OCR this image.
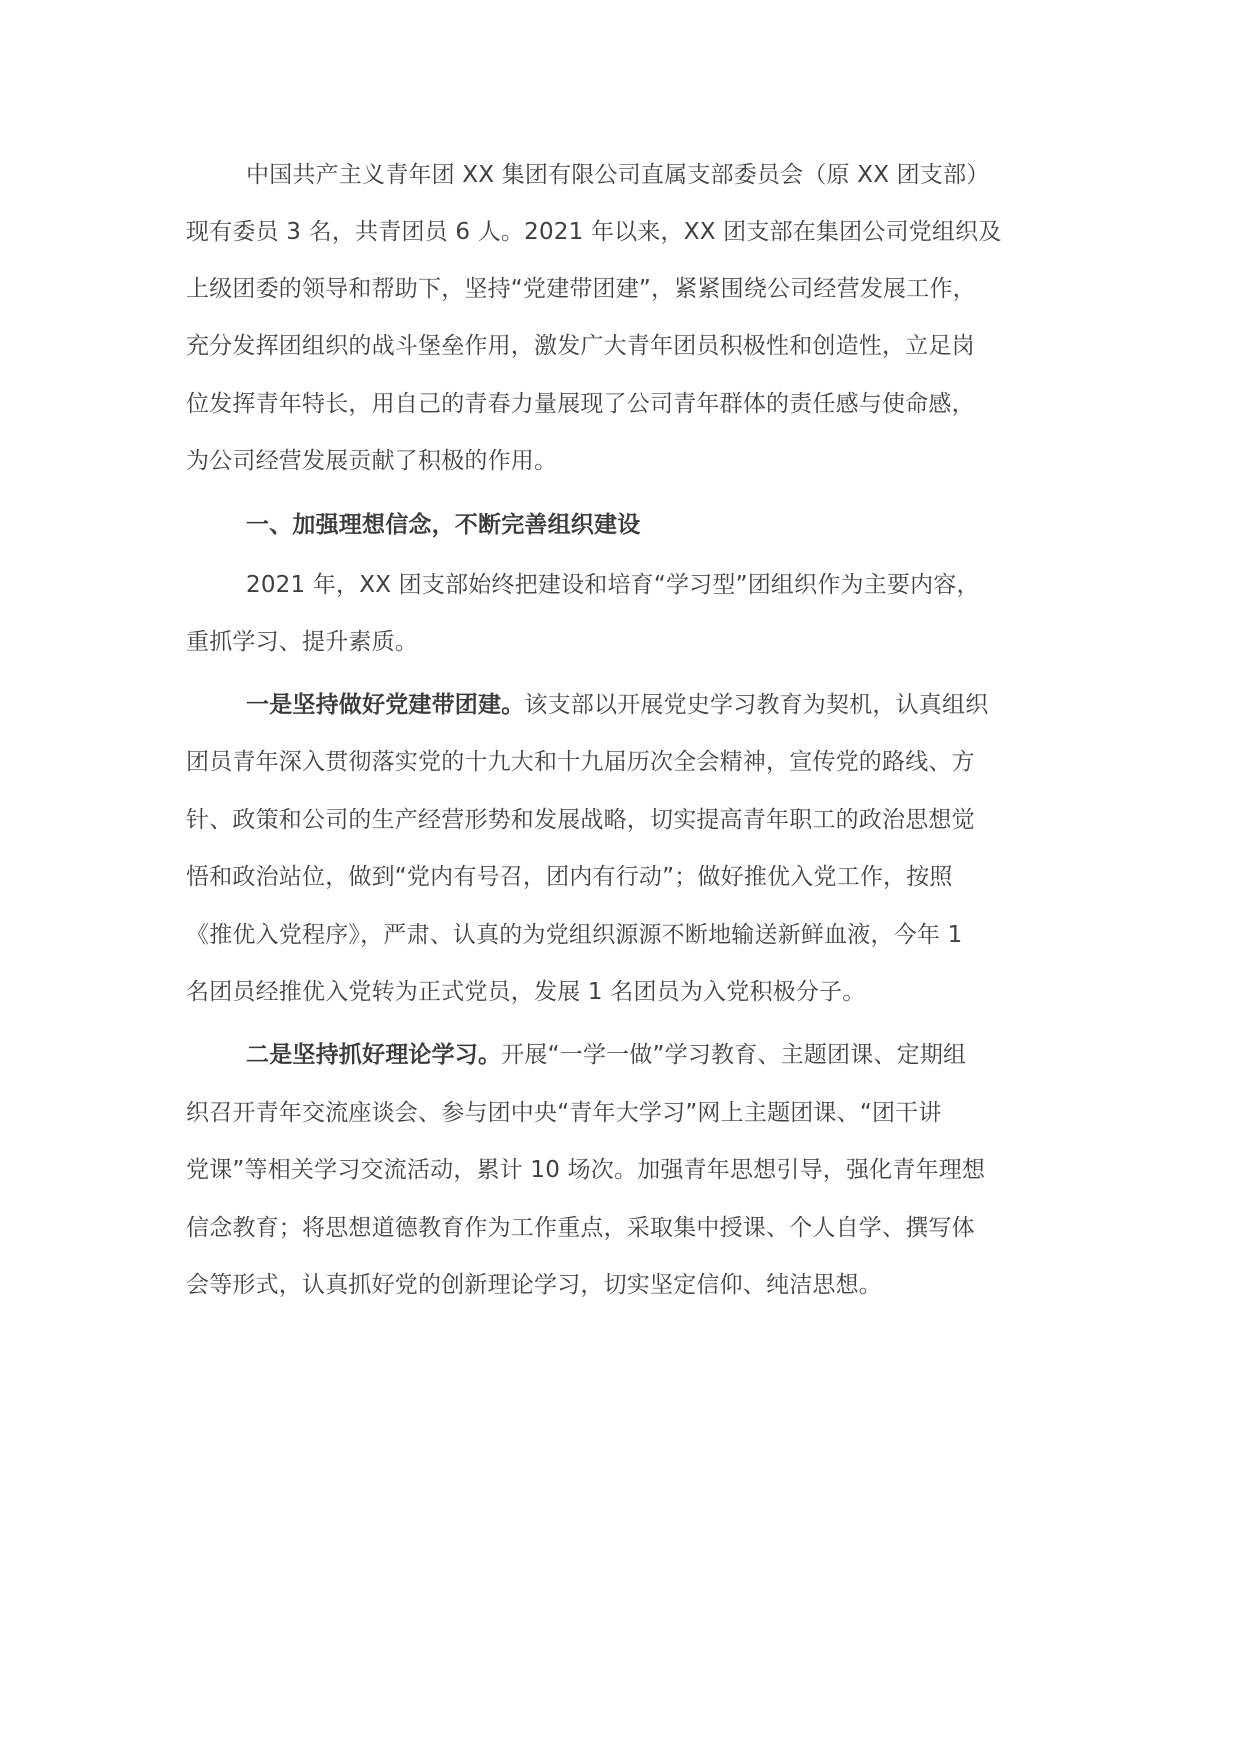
中国共产主义青年团 XX 集团有限公司直属支部委员会（原 XX 团支部）
现有委员 3 名，共青团员 6 人。2021 年以来，XX 团支部在集团公司党组织及
上级团委的领导和帮助下，坚持“党建带团建”，紧紧围绕公司经营发展工作，
充分发挥团组织的战斗堡垒作用，激发广大青年团员积极性和创造性，立足岗
位发挥青年特长，用自己的青春力量展现了公司青年群体的责任感与使命感，
为公司经营发展贡献了积极的作用。
一、加强理想信念，不断完善组织建设
2021 年，XX 团支部始终把建设和培育“学习型”团组织作为主要内容，
重抓学习、提升素质。
一是坚持做好党建带团建。该支部以开展党史学习教育为契机，认真组织
团员青年深入贯彻落实党的十九大和十九届历次全会精神，宣传党的路线、方
针、政策和公司的生产经营形势和发展战略，切实提高青年职工的政治思想觉
悟和政治站位，做到“党内有号召，团内有行动”；做好推优入党工作，按照
《推优入党程序》，严肃、认真的为党组织源源不断地输送新鲜血液，今年 1
名团员经推优入党转为正式党员，发展 1 名团员为入党积极分子。
二是坚持抓好理论学习。开展“一学一做”学习教育、主题团课、定期组
织召开青年交流座谈会、参与团中央“青年大学习”网上主题团课、“团干讲
党课”等相关学习交流活动，累计 10 场次。加强青年思想引导，强化青年理想
信念教育；将思想道德教育作为工作重点，采取集中授课、个人自学、撰写体
会等形式，认真抓好党的创新理论学习，切实坚定信仰、纯洁思想。
